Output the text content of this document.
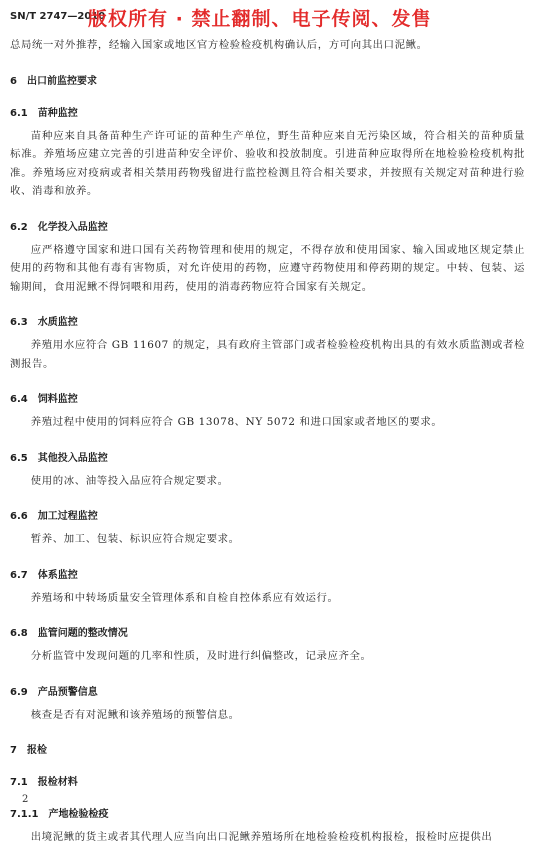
SN/T 2747—2010
版权所有 · 禁止翻制、电子传阅、发售

总局统一对外推荐，经输入国家或地区官方检验检疫机构确认后，方可向其出口泥鳅。

6 出口前监控要求
6.1 苗种监控

苗种应来自具备苗种生产许可证的苗种生产单位，野生苗种应来自无污染区域，符合相关的苗种质量标准。养殖场应建立完善的引进苗种安全评价、验收和投放制度。引进苗种应取得所在地检验检疫机构批准。养殖场应对疫病或者相关禁用药物残留进行监控检测且符合相关要求，并按照有关规定对苗种进行验收、消毒和放养。

6.2 化学投入品监控

应严格遵守国家和进口国有关药物管理和使用的规定，不得存放和使用国家、输入国或地区规定禁止使用的药物和其他有毒有害物质，对允许使用的药物，应遵守药物使用和停药期的规定。中转、包装、运输期间，食用泥鳅不得饲喂和用药，使用的消毒药物应符合国家有关规定。

6.3 水质监控

养殖用水应符合 GB 11607 的规定，具有政府主管部门或者检验检疫机构出具的有效水质监测或者检测报告。

6.4 饲料监控

养殖过程中使用的饲料应符合 GB 13078、NY 5072 和进口国家或者地区的要求。

6.5 其他投入品监控

使用的冰、油等投入品应符合规定要求。

6.6 加工过程监控

暂养、加工、包装、标识应符合规定要求。

6.7 体系监控

养殖场和中转场质量安全管理体系和自检自控体系应有效运行。

6.8 监管问题的整改情况

分析监管中发现问题的几率和性质，及时进行纠偏整改，记录应齐全。

6.9 产品预警信息

核查是否有对泥鳅和该养殖场的预警信息。

7 报检
7.1 报检材料
7.1.1 产地检验检疫

出境泥鳅的货主或者其代理人应当向出口泥鳅养殖场所在地检验检疫机构报检，报检时应提供出

2
